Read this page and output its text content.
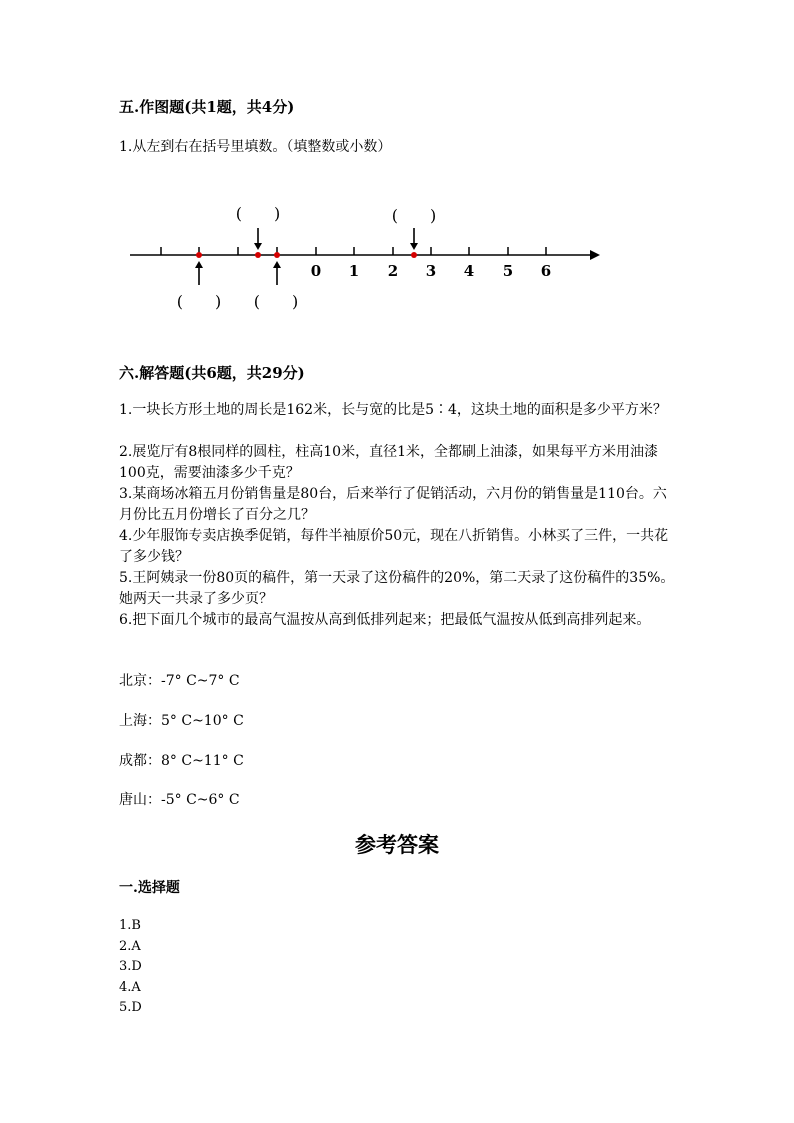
五.作图题(共1题，共4分)
1.从左到右在括号里填数。（填整数或小数）
0 1 2 3 4 5 6
(　　)	(　　)
(　　) (　　)
六.解答题(共6题，共29分)
1.一块长方形土地的周长是162米，长与宽的比是5∶4，这块土地的面积是多少平方米？
2.展览厅有8根同样的圆柱，柱高10米，直径1米，全都刷上油漆，如果每平方米用油漆100克，需要油漆多少千克？
3.某商场冰箱五月份销售量是80台，后来举行了促销活动，六月份的销售量是110台。六月份比五月份增长了百分之几？
4.少年服饰专卖店换季促销，每件半袖原价50元，现在八折销售。小林买了三件，一共花了多少钱？
5.王阿姨录一份80页的稿件，第一天录了这份稿件的20%，第二天录了这份稿件的35%。她两天一共录了多少页？
6.把下面几个城市的最高气温按从高到低排列起来；把最低气温按从低到高排列起来。
北京：-7° C~7° C
上海：5° C~10° C
成都：8° C~11° C
唐山：-5° C~6° C
参考答案
一.选择题
1.B
2.A
3.D
4.A
5.D
